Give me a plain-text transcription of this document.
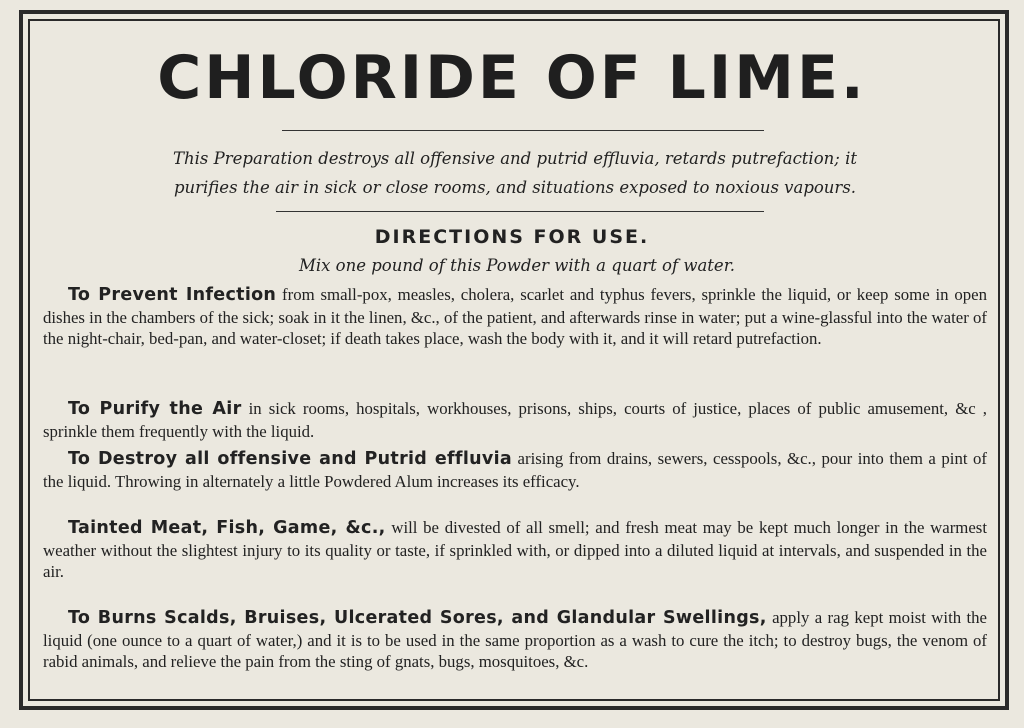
CHLORIDE OF LIME.
This Preparation destroys all offensive and putrid effluvia, retards putrefaction; it
purifies the air in sick or close rooms, and situations exposed to noxious vapours.
DIRECTIONS FOR USE.
Mix one pound of this Powder with a quart of water.
To Prevent Infection from small-pox, measles, cholera, scarlet and typhus fevers, sprinkle the liquid, or keep some in open dishes in the chambers of the sick; soak in it the linen, &c., of the patient, and afterwards rinse in water; put a wine-glassful into the water of the night-chair, bed-pan, and water-closet; if death takes place, wash the body with it, and it will retard putrefaction.
To Purify the Air in sick rooms, hospitals, workhouses, prisons, ships, courts of justice, places of public amusement, &c , sprinkle them frequently with the liquid.
To Destroy all offensive and Putrid effluvia arising from drains, sewers, cesspools, &c., pour into them a pint of the liquid. Throwing in alternately a little Powdered Alum increases its efficacy.
Tainted Meat, Fish, Game, &c., will be divested of all smell; and fresh meat may be kept much longer in the warmest weather without the slightest injury to its quality or taste, if sprinkled with, or dipped into a diluted liquid at intervals, and suspended in the air.
To Burns Scalds, Bruises, Ulcerated Sores, and Glandular Swellings, apply a rag kept moist with the liquid (one ounce to a quart of water,) and it is to be used in the same proportion as a wash to cure the itch; to destroy bugs, the venom of rabid animals, and relieve the pain from the sting of gnats, bugs, mosquitoes, &c.
